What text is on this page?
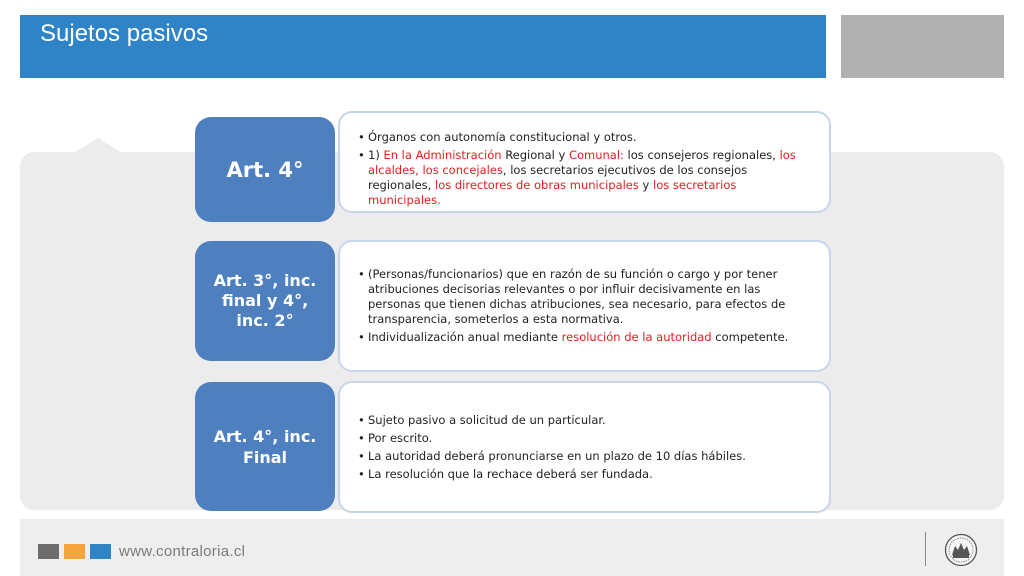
Sujetos pasivos
• Órganos con autonomía constitucional y otros.
• 1) En la Administración Regional y Comunal: los consejeros regionales, los alcaldes, los concejales, los secretarios ejecutivos de los consejos regionales, los directores de obras municipales y los secretarios municipales.
Art. 4°
• (Personas/funcionarios) que en razón de su función o cargo y por tener atribuciones decisorias relevantes o por influir decisivamente en las personas que tienen dichas atribuciones, sea necesario, para efectos de transparencia, someterlos a esta normativa.
• Individualización anual mediante resolución de la autoridad competente.
Art. 3°, inc. final y 4°, inc. 2°
• Sujeto pasivo a solicitud de un particular.
• Por escrito.
• La autoridad deberá pronunciarse en un plazo de 10 días hábiles.
• La resolución que la rechace deberá ser fundada.
Art. 4°, inc. Final
www.contraloria.cl
